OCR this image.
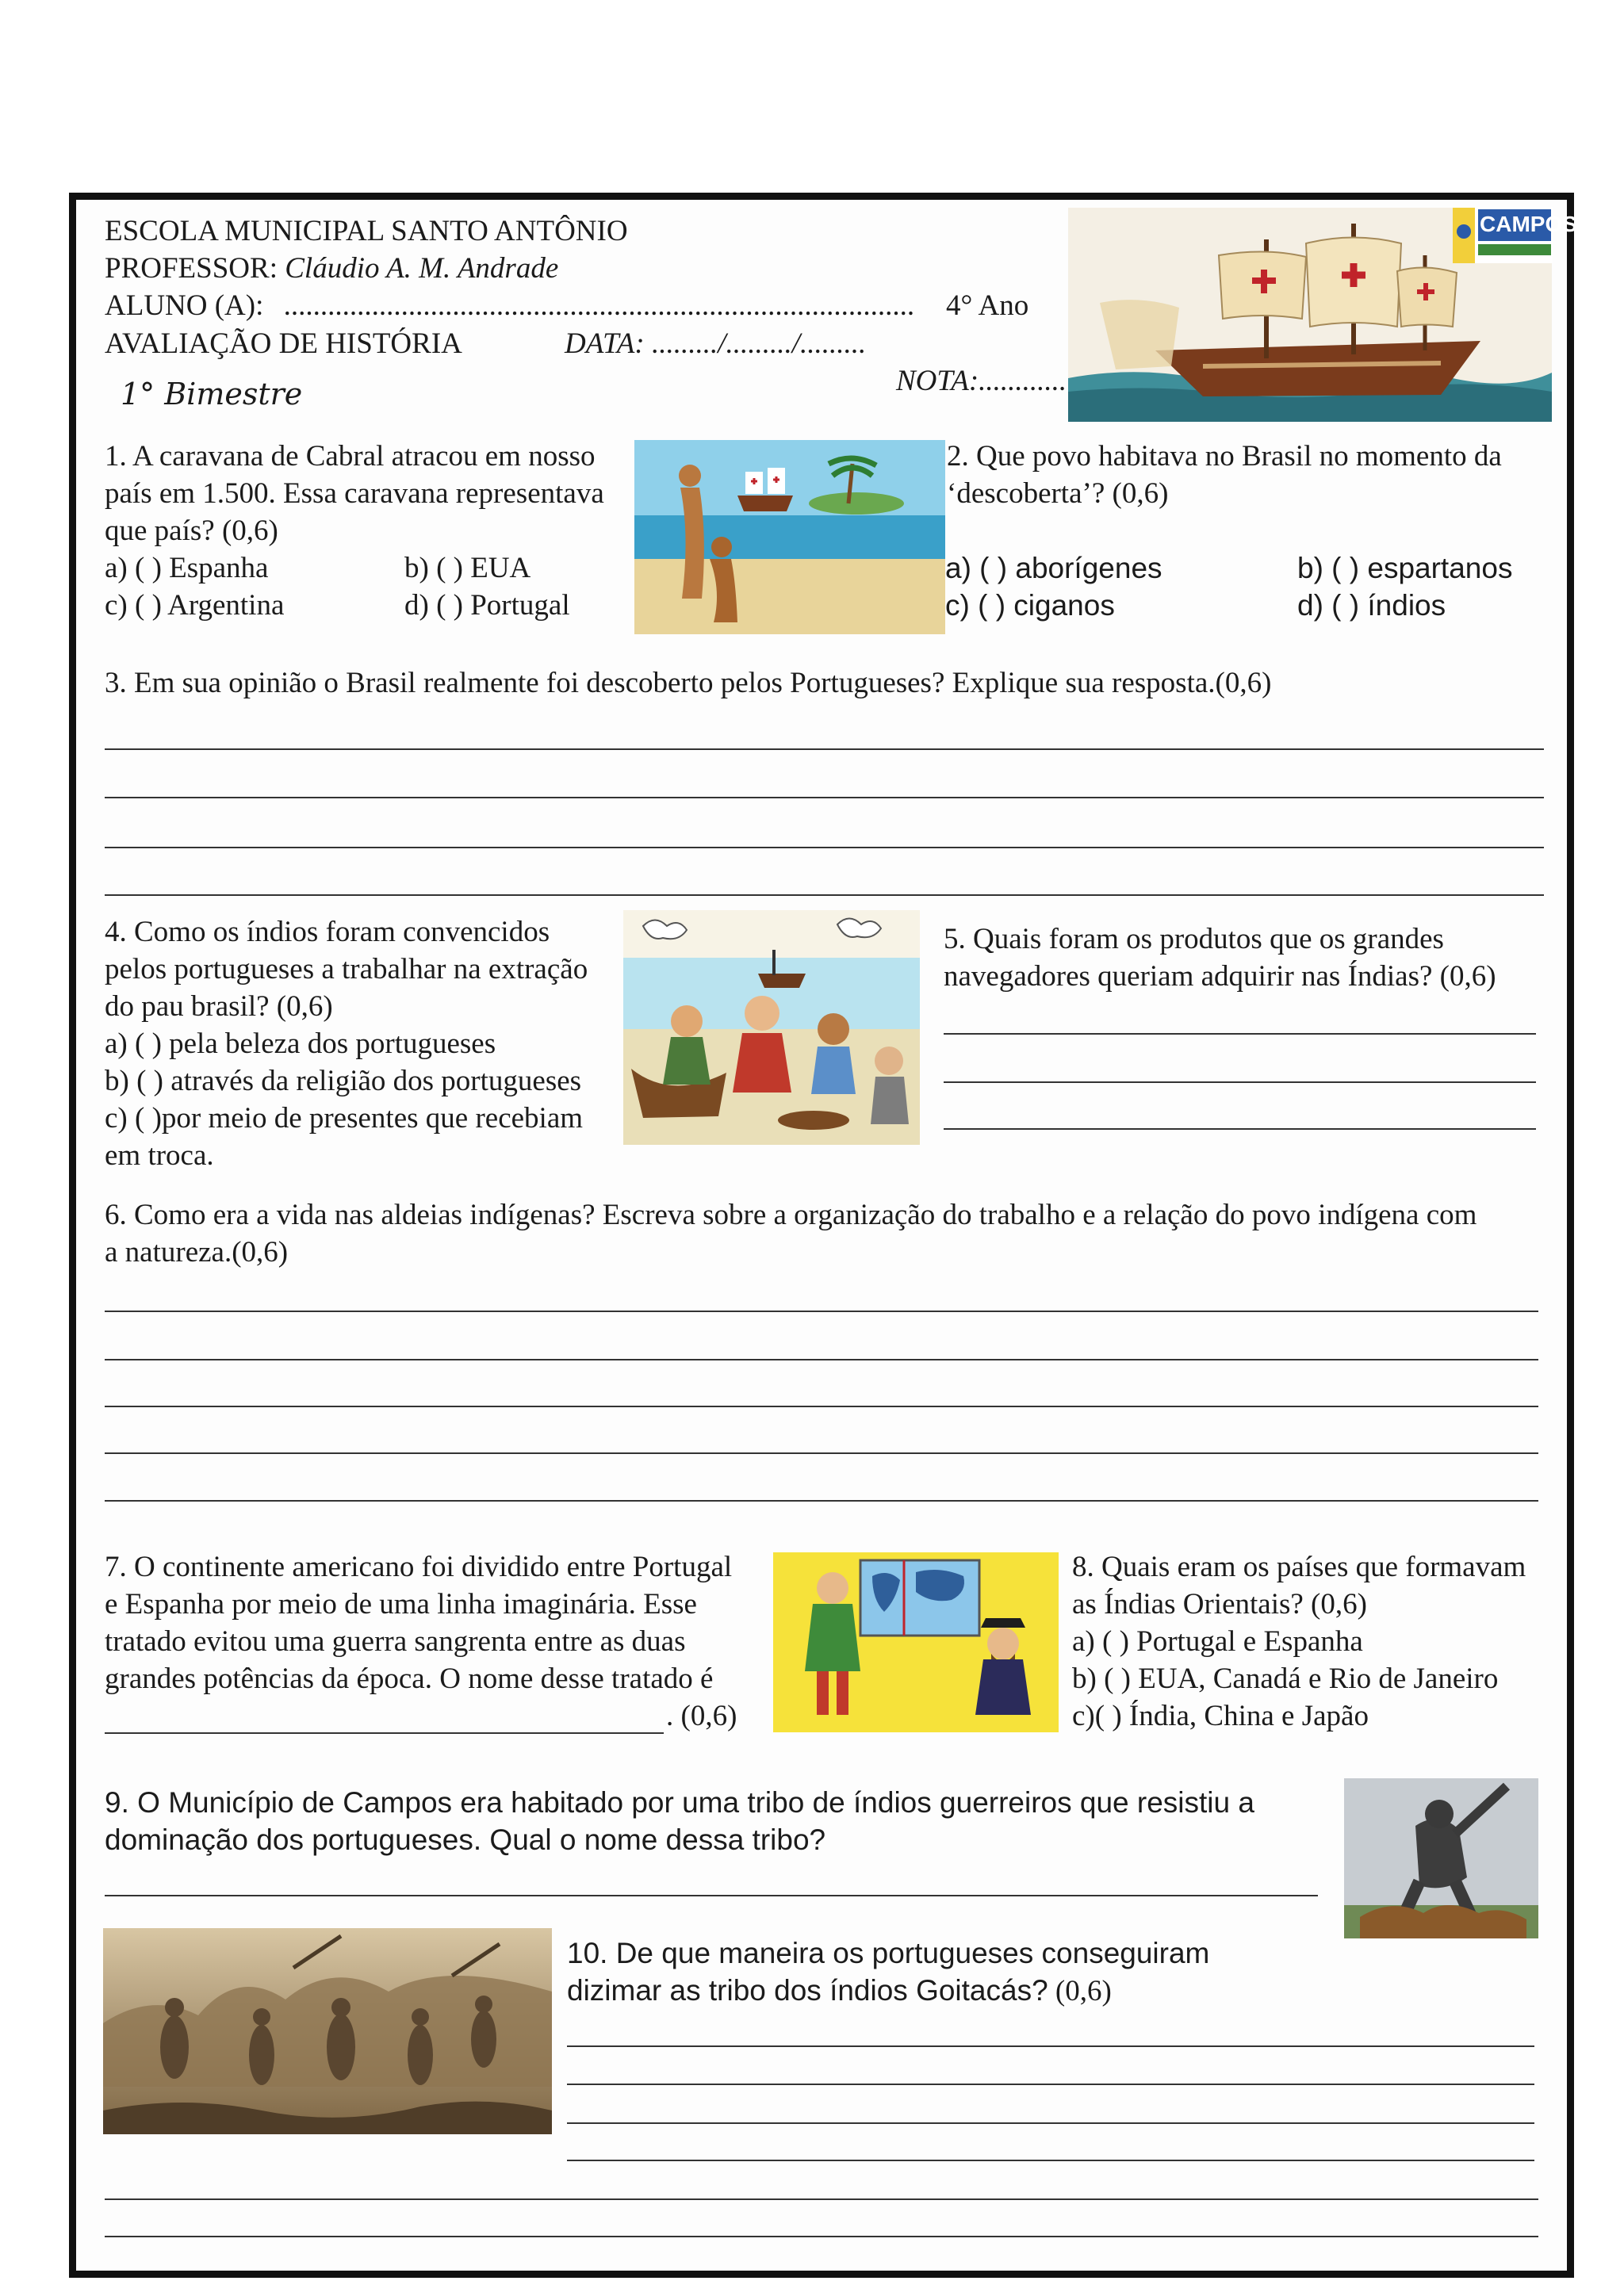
ESCOLA MUNICIPAL SANTO ANTÔNIO
PROFESSOR: Cláudio A. M. Andrade
ALUNO (A): ...................................................................................... 4° Ano
AVALIAÇÃO DE HISTÓRIA	DATA: ........./........./.........
NOTA:............
1° Bimestre
CAMPOS
1. A caravana de Cabral atracou em nosso
país em 1.500. Essa caravana representava
que país? (0,6)
a) ( ) Espanha	b) ( ) EUA
c) ( ) Argentina	d) ( ) Portugal
2. Que povo habitava no Brasil no momento da
‘descoberta’? (0,6)
a) ( ) aborígenes	b) ( ) espartanos
c) ( ) ciganos	d) ( ) índios
3. Em sua opinião o Brasil realmente foi descoberto pelos Portugueses? Explique sua resposta.(0,6)
4. Como os índios foram convencidos
pelos portugueses a trabalhar na extração
do pau brasil? (0,6)
a) ( ) pela beleza dos portugueses
b) ( ) através da religião dos portugueses
c) ( )por meio de presentes que recebiam
em troca.
5. Quais foram os produtos que os grandes
navegadores queriam adquirir nas Índias? (0,6)
6. Como era a vida nas aldeias indígenas? Escreva sobre a organização do trabalho e a relação do povo indígena com
a natureza.(0,6)
7. O continente americano foi dividido entre Portugal
e Espanha por meio de uma linha imaginária. Esse
tratado evitou uma guerra sangrenta entre as duas
grandes potências da época. O nome desse tratado é
. (0,6)
8. Quais eram os países que formavam
as Índias Orientais? (0,6)
a) ( ) Portugal e Espanha
b) ( ) EUA, Canadá e Rio de Janeiro
c)( ) Índia, China e Japão
9. O Município de Campos era habitado por uma tribo de índios guerreiros que resistiu a
dominação dos portugueses. Qual o nome dessa tribo?
10. De que maneira os portugueses conseguiram
dizimar as tribo dos índios Goitacás? (0,6)
